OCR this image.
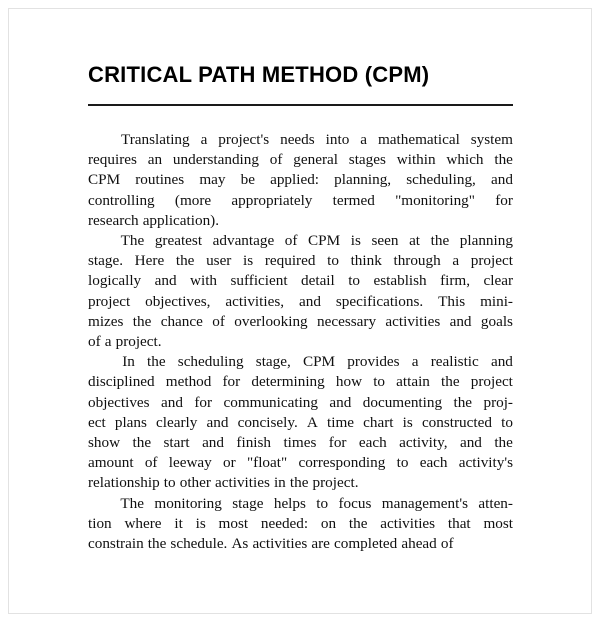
CRITICAL PATH METHOD (CPM)

Translating a project's needs into a mathematical system
requires an understanding of general stages within which the
CPM routines may be applied: planning, scheduling, and
controlling (more appropriately termed "monitoring" for
research application).

The greatest advantage of CPM is seen at the planning
stage. Here the user is required to think through a project
logically and with sufficient detail to establish firm, clear
project objectives, activities, and specifications. This mini-
mizes the chance of overlooking necessary activities and goals
of a project.

In the scheduling stage, CPM provides a realistic and
disciplined method for determining how to attain the project
objectives and for communicating and documenting the proj-
ect plans clearly and concisely. A time chart is constructed to
show the start and finish times for each activity, and the
amount of leeway or "float" corresponding to each activity's
relationship to other activities in the project.

The monitoring stage helps to focus management's atten-
tion where it is most needed: on the activities that most
constrain the schedule. As activities are completed ahead of
